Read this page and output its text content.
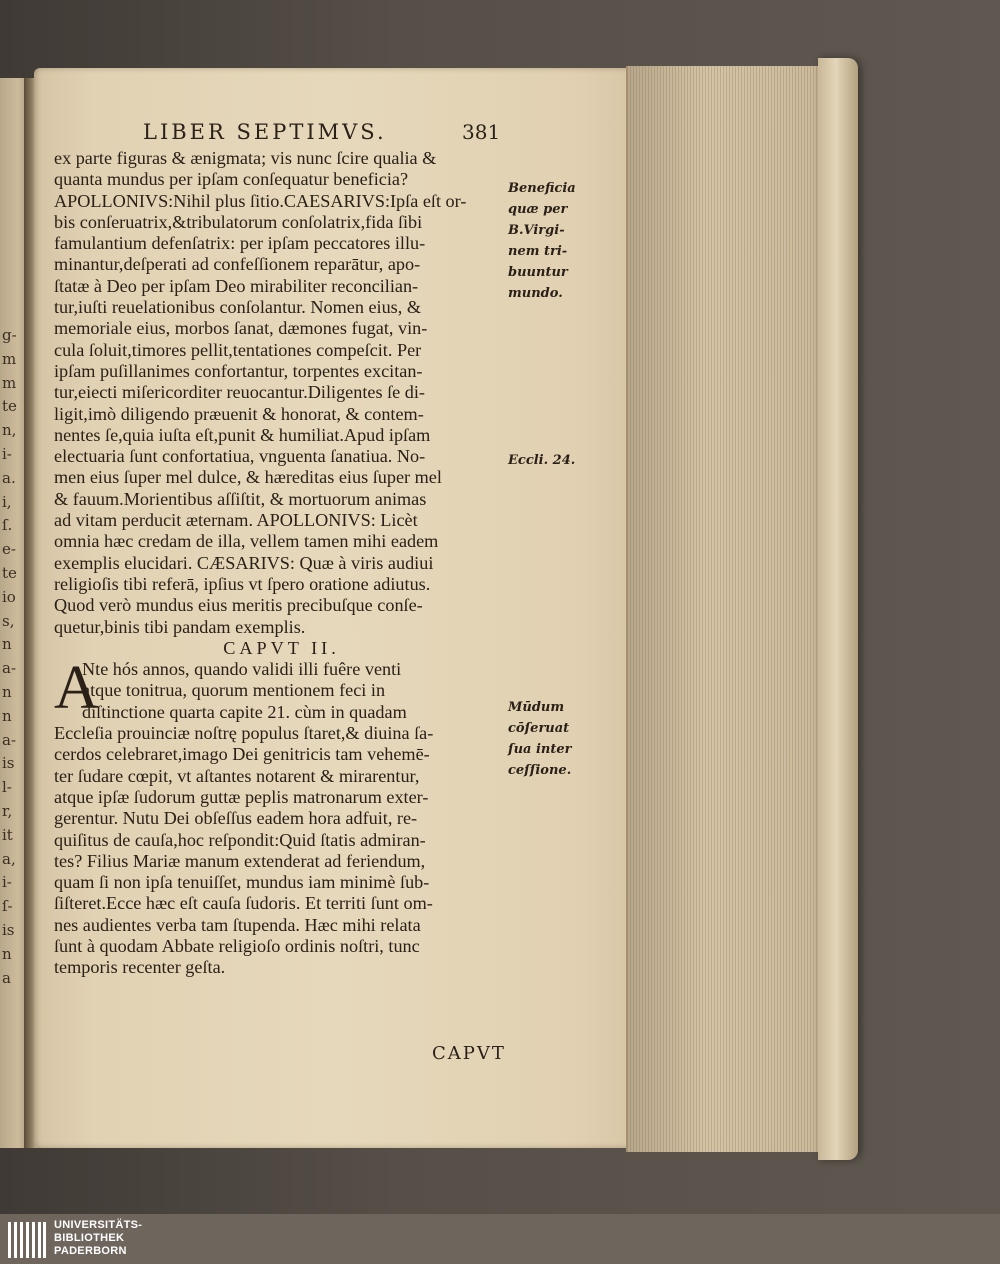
g-
m
m
te
n,
i-
a.
i,
ſ.
e-
te
io
s,
n
a-
n
n
a-
is
l-
r,
it
a,
i-
ſ-
is
n
a
LIBER SEPTIMVS.	381
ex parte figuras & ænigmata; vis nunc ſcire qualia &
quanta mundus per ipſam conſequatur beneficia?
APOLLONIVS:Nihil plus ſitio.CAESARIVS:Ipſa eſt or-
bis conſeruatrix,&tribulatorum conſolatrix,fida ſibi
famulantium defenſatrix: per ipſam peccatores illu-
minantur,deſperati ad confeſſionem reparātur, apo-
ſtatæ à Deo per ipſam Deo mirabiliter reconcilian-
tur,iuſti reuelationibus conſolantur. Nomen eius, &
memoriale eius, morbos ſanat, dæmones fugat, vin-
cula ſoluit,timores pellit,tentationes compeſcit. Per
ipſam puſillanimes confortantur, torpentes excitan-
tur,eiecti miſericorditer reuocantur.Diligentes ſe di-
ligit,imò diligendo præuenit & honorat, & contem-
nentes ſe,quia iuſta eſt,punit & humiliat.Apud ipſam
electuaria ſunt confortatiua, vnguenta ſanatiua. No-
men eius ſuper mel dulce, & hæreditas eius ſuper mel
& fauum.Morientibus aſſiſtit, & mortuorum animas
ad vitam perducit æternam. APOLLONIVS: Licèt
omnia hæc credam de illa, vellem tamen mihi eadem
exemplis elucidari. CÆSARIVS: Quæ à viris audiui
religioſis tibi referā, ipſius vt ſpero oratione adiutus.
Quod verò mundus eius meritis precibuſque conſe-
quetur,binis tibi pandam exemplis.
CAPVT II.
A
Nte hós annos, quando validi illi fuêre venti
atque tonitrua, quorum mentionem feci in
diſtinctione quarta capite 21. cùm in quadam
Eccleſia prouinciæ noſtrę populus ſtaret,& diuina ſa-
cerdos celebraret,imago Dei genitricis tam vehemē-
ter ſudare cœpit, vt aſtantes notarent & mirarentur,
atque ipſæ ſudorum guttæ peplis matronarum exter-
gerentur. Nutu Dei obſeſſus eadem hora adfuit, re-
quiſitus de cauſa,hoc reſpondit:Quid ſtatis admiran-
tes? Filius Mariæ manum extenderat ad feriendum,
quam ſi non ipſa tenuiſſet, mundus iam minimè ſub-
ſiſteret.Ecce hæc eſt cauſa ſudoris. Et territi ſunt om-
nes audientes verba tam ſtupenda. Hæc mihi relata
ſunt à quodam Abbate religioſo ordinis noſtri, tunc
temporis recenter geſta.
CAPVT
Beneficia
quæ per
B.Virgi-
nem tri-
buuntur
mundo.
Eccli. 24.
Mūdum
cōſeruat
ſua inter
ceſſione.
UNIVERSITÄTS-
BIBLIOTHEK
PADERBORN
